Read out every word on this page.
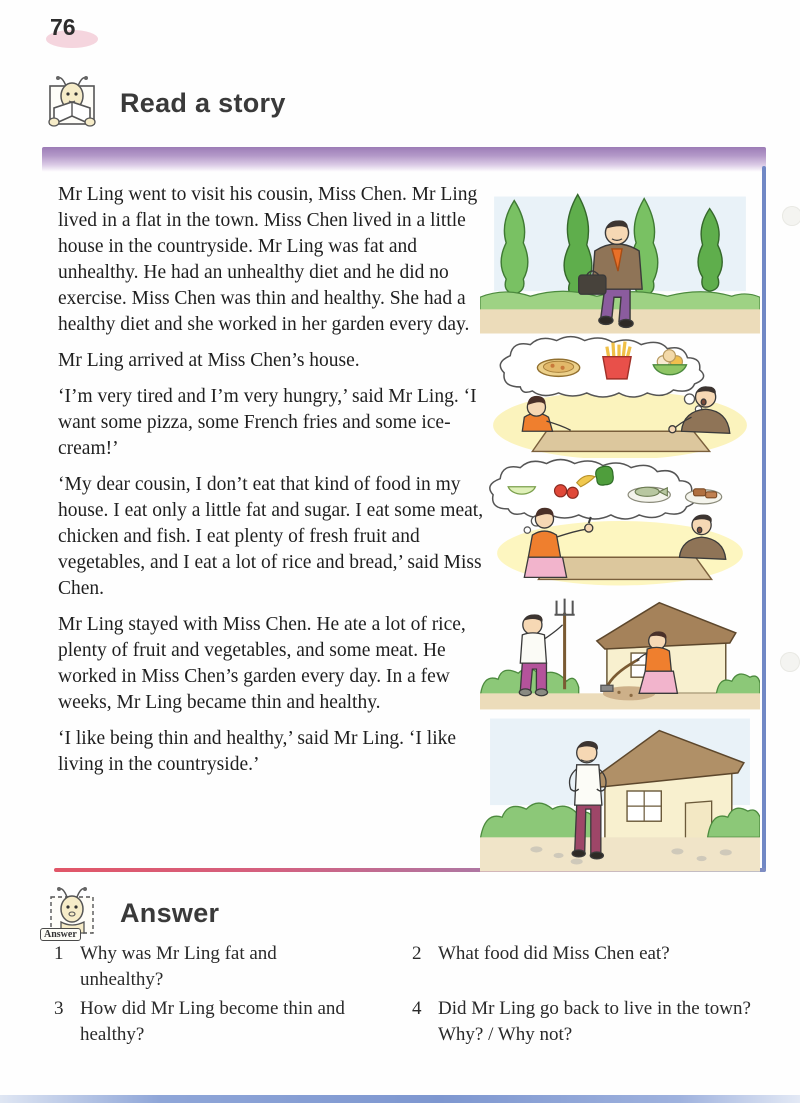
76
Read a story

Mr Ling went to visit his cousin, Miss Chen. Mr Ling lived in a flat in the town. Miss Chen lived in a little house in the countryside. Mr Ling was fat and unhealthy. He had an unhealthy diet and he did no exercise. Miss Chen was thin and healthy. She had a healthy diet and she worked in her garden every day.

Mr Ling arrived at Miss Chen’s house.

‘I’m very tired and I’m very hungry,’ said Mr Ling. ‘I want some pizza, some French fries and some ice-cream!’

‘My dear cousin, I don’t eat that kind of food in my house. I eat only a little fat and sugar. I eat some meat, chicken and fish. I eat plenty of fresh fruit and vegetables, and I eat a lot of rice and bread,’ said Miss Chen.

Mr Ling stayed with Miss Chen. He ate a lot of rice, plenty of fruit and vegetables, and some meat. He worked in Miss Chen’s garden every day. In a few weeks, Mr Ling became thin and healthy.

‘I like being thin and healthy,’ said Mr Ling. ‘I like living in the countryside.’

Answer
Answer
1 Why was Mr Ling fat and unhealthy?
2 What food did Miss Chen eat?
3 How did Mr Ling become thin and healthy?
4 Did Mr Ling go back to live in the town? Why? / Why not?
